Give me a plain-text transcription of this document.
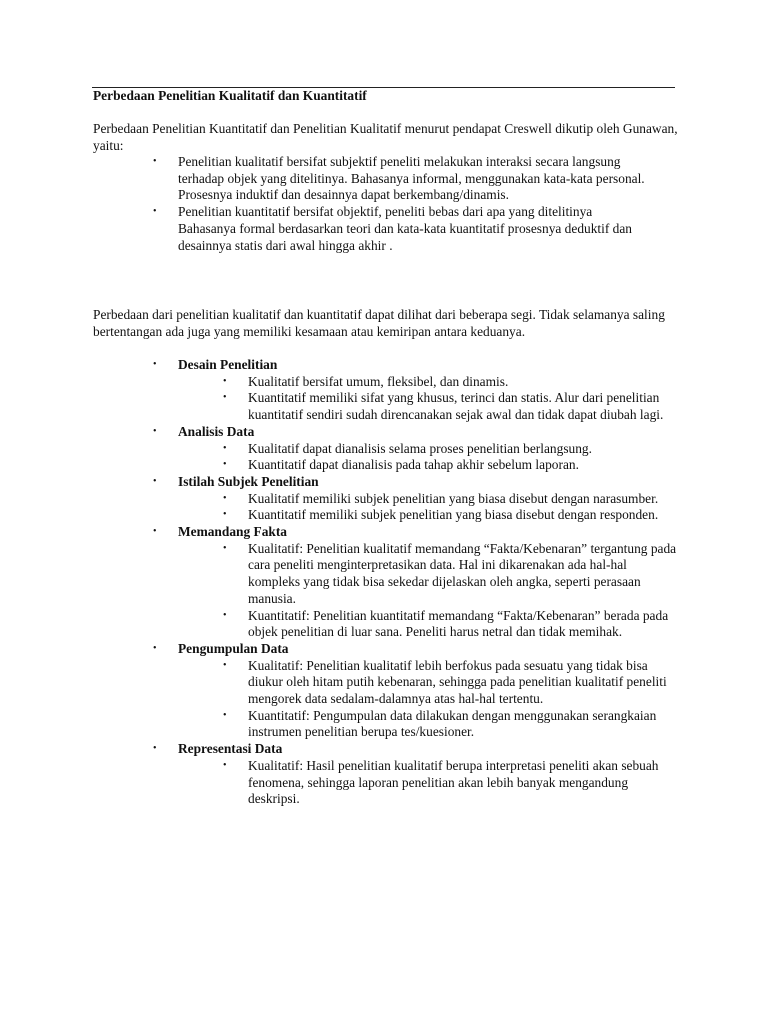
Perbedaan Penelitian Kualitatif dan Kuantitatif
Perbedaan Penelitian Kuantitatif dan Penelitian Kualitatif menurut pendapat Creswell dikutip oleh Gunawan, yaitu:
• Penelitian kualitatif bersifat subjektif peneliti melakukan interaksi secara langsung terhadap objek yang ditelitinya. Bahasanya informal, menggunakan kata-kata personal. Prosesnya induktif dan desainnya dapat berkembang/dinamis.
• Penelitian kuantitatif bersifat objektif, peneliti bebas dari apa yang ditelitinya Bahasanya formal berdasarkan teori dan kata-kata kuantitatif prosesnya deduktif dan desainnya statis dari awal hingga akhir .
Perbedaan dari penelitian kualitatif dan kuantitatif dapat dilihat dari beberapa segi. Tidak selamanya saling bertentangan ada juga yang memiliki kesamaan atau kemiripan antara keduanya.
• Desain Penelitian
• Kualitatif bersifat umum, fleksibel, dan dinamis.
• Kuantitatif memiliki sifat yang khusus, terinci dan statis. Alur dari penelitian kuantitatif sendiri sudah direncanakan sejak awal dan tidak dapat diubah lagi.
• Analisis Data
• Kualitatif dapat dianalisis selama proses penelitian berlangsung.
• Kuantitatif dapat dianalisis pada tahap akhir sebelum laporan.
• Istilah Subjek Penelitian
• Kualitatif memiliki subjek penelitian yang biasa disebut dengan narasumber.
• Kuantitatif memiliki subjek penelitian yang biasa disebut dengan responden.
• Memandang Fakta
• Kualitatif: Penelitian kualitatif memandang “Fakta/Kebenaran” tergantung pada cara peneliti menginterpretasikan data. Hal ini dikarenakan ada hal-hal kompleks yang tidak bisa sekedar dijelaskan oleh angka, seperti perasaan manusia.
• Kuantitatif: Penelitian kuantitatif memandang “Fakta/Kebenaran” berada pada objek penelitian di luar sana. Peneliti harus netral dan tidak memihak.
• Pengumpulan Data
• Kualitatif: Penelitian kualitatif lebih berfokus pada sesuatu yang tidak bisa diukur oleh hitam putih kebenaran, sehingga pada penelitian kualitatif peneliti mengorek data sedalam-dalamnya atas hal-hal tertentu.
• Kuantitatif: Pengumpulan data dilakukan dengan menggunakan serangkaian instrumen penelitian berupa tes/kuesioner.
• Representasi Data
• Kualitatif: Hasil penelitian kualitatif berupa interpretasi peneliti akan sebuah fenomena, sehingga laporan penelitian akan lebih banyak mengandung deskripsi.
